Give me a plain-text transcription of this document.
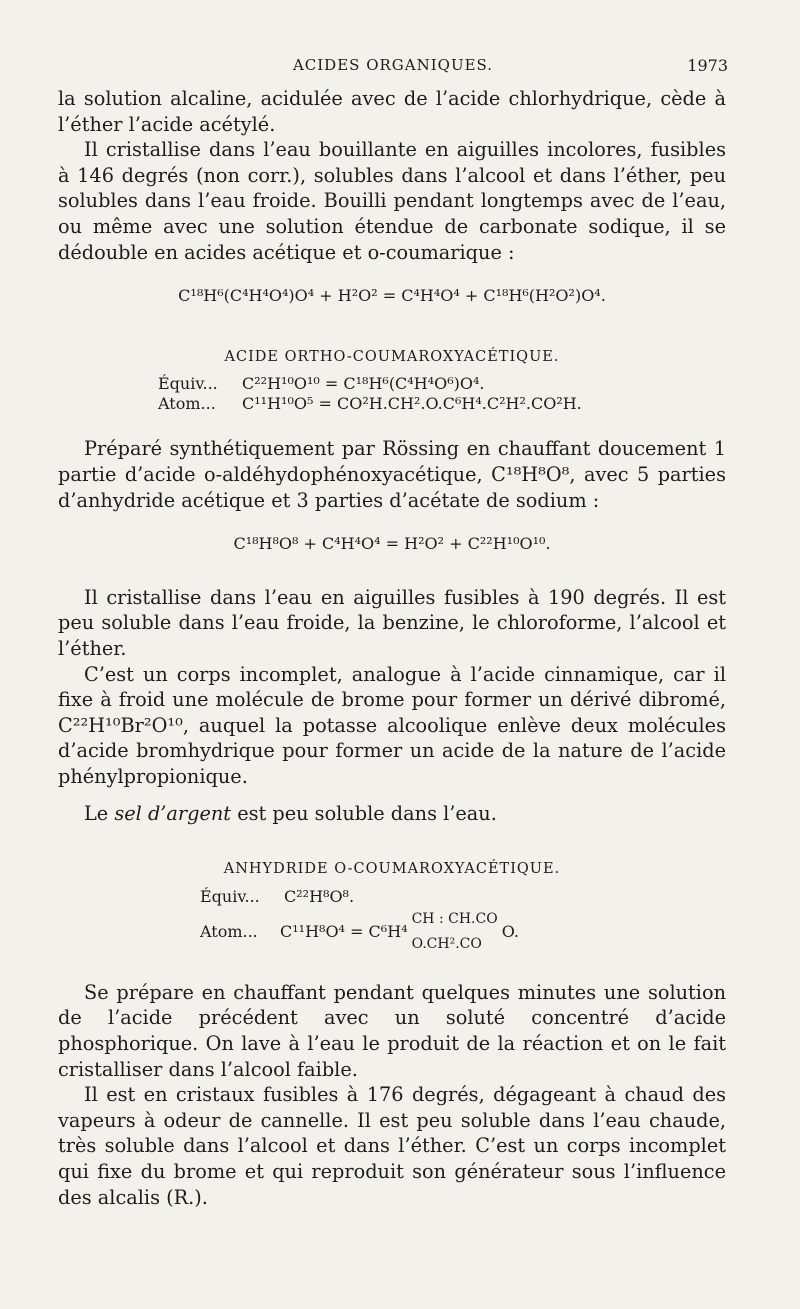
ACIDES ORGANIQUES.	1973

la solution alcaline, acidulée avec de l’acide chlorhydrique, cède à l’éther l’acide acétylé.

Il cristallise dans l’eau bouillante en aiguilles incolores, fusibles à 146 degrés (non corr.), solubles dans l’alcool et dans l’éther, peu solubles dans l’eau froide. Bouilli pendant longtemps avec de l’eau, ou même avec une solution étendue de carbonate sodique, il se dédouble en acides acétique et o-coumarique :

C¹⁸H⁶(C⁴H⁴O⁴)O⁴ + H²O² = C⁴H⁴O⁴ + C¹⁸H⁶(H²O²)O⁴.
ACIDE ORTHO-COUMAROXYACÉTIQUE.
Équiv...	C²²H¹⁰O¹⁰ = C¹⁸H⁶(C⁴H⁴O⁶)O⁴.
Atom...	C¹¹H¹⁰O⁵ = CO²H.CH².O.C⁶H⁴.C²H².CO²H.

Préparé synthétiquement par Rössing en chauffant doucement 1 partie d’acide o-aldéhydophénoxyacétique, C¹⁸H⁸O⁸, avec 5 parties d’anhydride acétique et 3 parties d’acétate de sodium :

C¹⁸H⁸O⁸ + C⁴H⁴O⁴ = H²O² + C²²H¹⁰O¹⁰.

Il cristallise dans l’eau en aiguilles fusibles à 190 degrés. Il est peu soluble dans l’eau froide, la benzine, le chloroforme, l’alcool et l’éther.

C’est un corps incomplet, analogue à l’acide cinnamique, car il fixe à froid une molécule de brome pour former un dérivé dibromé, C²²H¹⁰Br²O¹⁰, auquel la potasse alcoolique enlève deux molécules d’acide bromhydrique pour former un acide de la nature de l’acide phénylpropionique.

Le sel d’argent est peu soluble dans l’eau.

ANHYDRIDE O-COUMAROXYACÉTIQUE.
Équiv...	C²²H⁸O⁸.
Atom...	C¹¹H⁸O⁴ = C⁶H⁴
CH : CH.CO
O.CH².CO
O.

Se prépare en chauffant pendant quelques minutes une solution de l’acide précédent avec un soluté concentré d’acide phosphorique. On lave à l’eau le produit de la réaction et on le fait cristalliser dans l’alcool faible.

Il est en cristaux fusibles à 176 degrés, dégageant à chaud des vapeurs à odeur de cannelle. Il est peu soluble dans l’eau chaude, très soluble dans l’alcool et dans l’éther. C’est un corps incomplet qui fixe du brome et qui reproduit son générateur sous l’influence des alcalis (R.).
